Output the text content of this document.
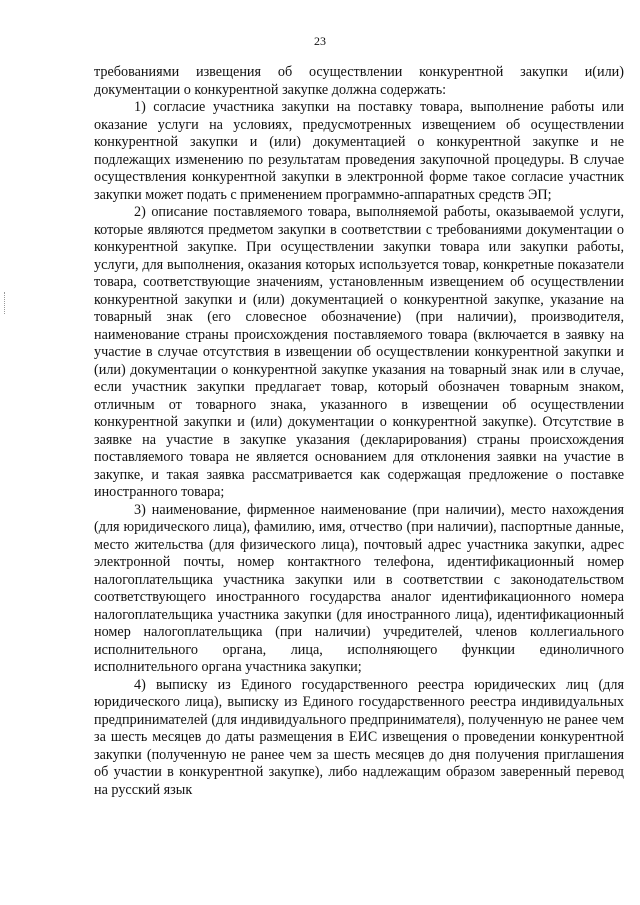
23

требованиями извещения об осуществлении конкурентной закупки и(или) документации о конкурентной закупке должна содержать:

1) согласие участника закупки на поставку товара, выполнение работы или оказание услуги на условиях, предусмотренных извещением об осуществлении конкурентной закупки и (или) документацией о конкурентной закупке и не подлежащих изменению по результатам проведения закупочной процедуры. В случае осуществления конкурентной закупки в электронной форме такое согласие участник закупки может подать с применением программно-аппаратных средств ЭП;

2) описание поставляемого товара, выполняемой работы, оказываемой услуги, которые являются предметом закупки в соответствии с требованиями документации о конкурентной закупке. При осуществлении закупки товара или закупки работы, услуги, для выполнения, оказания которых используется товар, конкретные показатели товара, соответствующие значениям, установленным извещением об осуществлении конкурентной закупки и (или) документацией о конкурентной закупке, указание на товарный знак (его словесное обозначение) (при наличии), производителя, наименование страны происхождения поставляемого товара (включается в заявку на участие в случае отсутствия в извещении об осуществлении конкурентной закупки и (или) документации о конкурентной закупке указания на товарный знак или в случае, если участник закупки предлагает товар, который обозначен товарным знаком, отличным от товарного знака, указанного в извещении об осуществлении конкурентной закупки и (или) документации о конкурентной закупке). Отсутствие в заявке на участие в закупке указания (декларирования) страны происхождения поставляемого товара не является основанием для отклонения заявки на участие в закупке, и такая заявка рассматривается как содержащая предложение о поставке иностранного товара;

3) наименование, фирменное наименование (при наличии), место нахождения (для юридического лица), фамилию, имя, отчество (при наличии), паспортные данные, место жительства (для физического лица), почтовый адрес участника закупки, адрес электронной почты, номер контактного телефона, идентификационный номер налогоплательщика участника закупки или в соответствии с законодательством соответствующего иностранного государства аналог идентификационного номера налогоплательщика участника закупки (для иностранного лица), идентификационный номер налогоплательщика (при наличии) учредителей, членов коллегиального исполнительного органа, лица, исполняющего функции единоличного исполнительного органа участника закупки;

4) выписку из Единого государственного реестра юридических лиц (для юридического лица), выписку из Единого государственного реестра индивидуальных предпринимателей (для индивидуального предпринимателя), полученную не ранее чем за шесть месяцев до даты размещения в ЕИС извещения о проведении конкурентной закупки (полученную не ранее чем за шесть месяцев до дня получения приглашения об участии в конкурентной закупке), либо надлежащим образом заверенный перевод на русский язык
